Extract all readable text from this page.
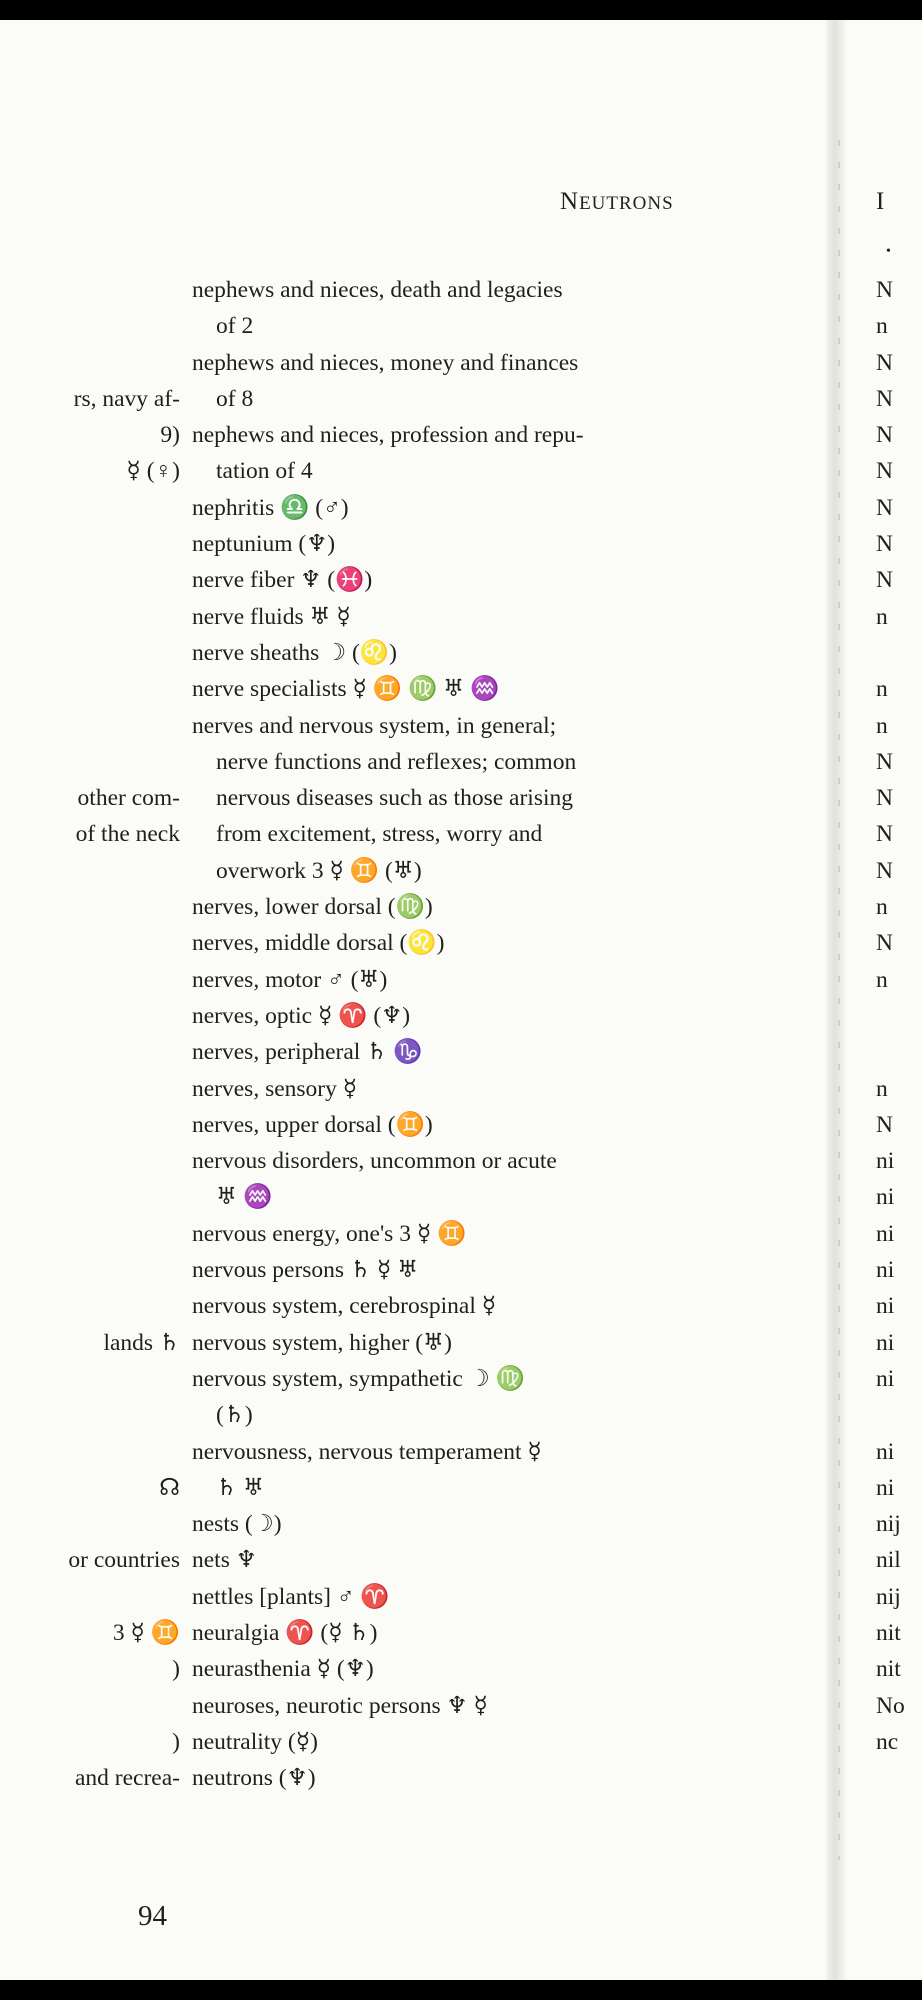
NEUTRONS

rs, navy af-
9)
☿ (♀)

other com-
of the neck

lands ♄

☊

or countries

3 ☿ ♊
)

)
and recrea-

nephews and nieces, death and legacies
of 2
nephews and nieces, money and finances
of 8
nephews and nieces, profession and repu-
tation of 4
nephritis ♎ (♂)
neptunium (♆)
nerve fiber ♆ (♓)
nerve fluids ♅ ☿
nerve sheaths ☽ (♌)
nerve specialists ☿ ♊ ♍ ♅ ♒
nerves and nervous system, in general;
nerve functions and reflexes; common
nervous diseases such as those arising
from excitement, stress, worry and
overwork 3 ☿ ♊ (♅)
nerves, lower dorsal (♍)
nerves, middle dorsal (♌)
nerves, motor ♂ (♅)
nerves, optic ☿ ♈ (♆)
nerves, peripheral ♄ ♑
nerves, sensory ☿
nerves, upper dorsal (♊)
nervous disorders, uncommon or acute
♅ ♒
nervous energy, one's 3 ☿ ♊
nervous persons ♄ ☿ ♅
nervous system, cerebrospinal ☿
nervous system, higher (♅)
nervous system, sympathetic ☽ ♍
(♄)
nervousness, nervous temperament ☿
♄ ♅
nests (☽)
nets ♆
nettles [plants] ♂ ♈
neuralgia ♈ (☿ ♄)
neurasthenia ☿ (♆)
neuroses, neurotic persons ♆ ☿
neutrality (☿)
neutrons (♆)
I
•
N
n
N
N
N
N
N
N
N
n

n
n
N
N
N
N
n
N
n

n
N
ni
ni
ni
ni
ni
ni
ni

ni
ni
nij
nil
nij
nit
nit
No
nc
94
